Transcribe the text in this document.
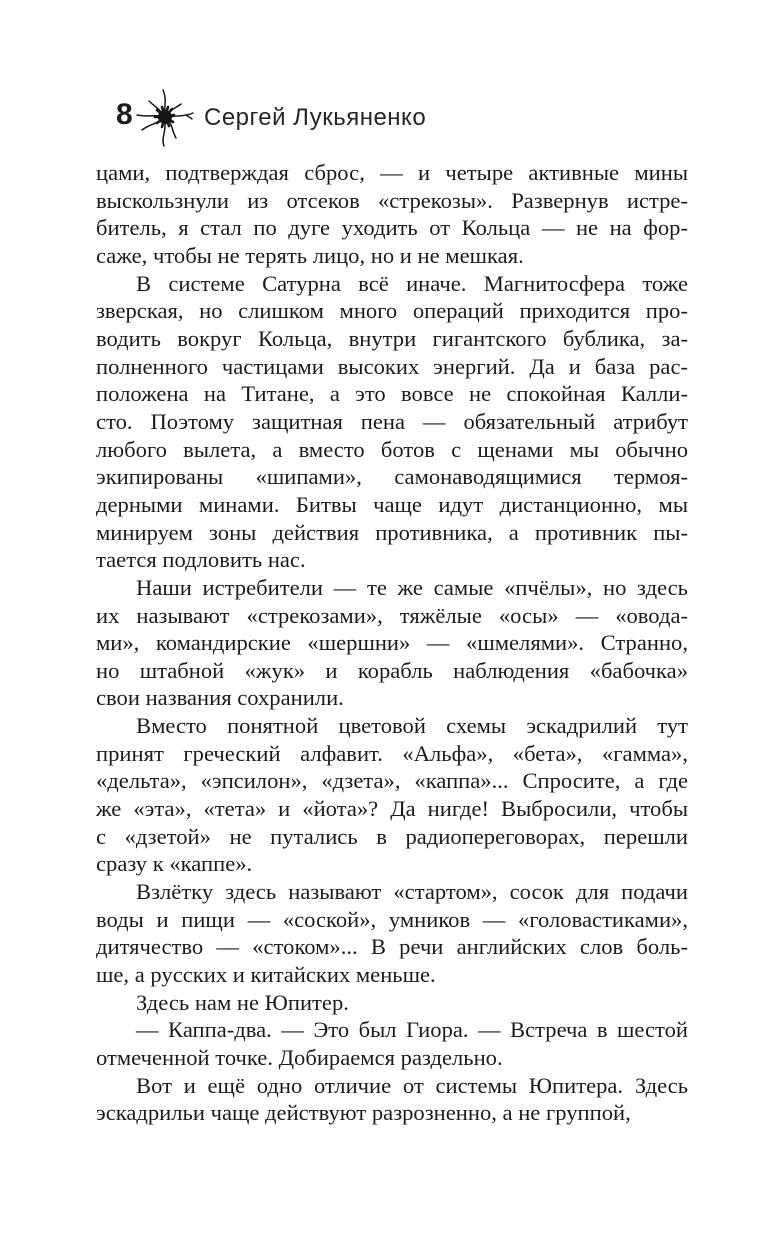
8	Сергей Лукьяненко

цами, подтверждая сброс, — и четыре активные мины
выскользнули из отсеков «стрекозы». Развернув истре-
битель, я стал по дуге уходить от Кольца — не на фор-
саже, чтобы не терять лицо, но и не мешкая.

В системе Сатурна всё иначе. Магнитосфера тоже
зверская, но слишком много операций приходится про-
водить вокруг Кольца, внутри гигантского бублика, за-
полненного частицами высоких энергий. Да и база рас-
положена на Титане, а это вовсе не спокойная Калли-
сто. Поэтому защитная пена — обязательный атрибут
любого вылета, а вместо ботов с щенами мы обычно
экипированы «шипами», самонаводящимися термоя-
дерными минами. Битвы чаще идут дистанционно, мы
минируем зоны действия противника, а противник пы-
тается подловить нас.

Наши истребители — те же самые «пчёлы», но здесь
их называют «стрекозами», тяжёлые «осы» — «овода-
ми», командирские «шершни» — «шмелями». Странно,
но штабной «жук» и корабль наблюдения «бабочка»
свои названия сохранили.

Вместо понятной цветовой схемы эскадрилий тут
принят греческий алфавит. «Альфа», «бета», «гамма»,
«дельта», «эпсилон», «дзета», «каппа»... Спросите, а где
же «эта», «тета» и «йота»? Да нигде! Выбросили, чтобы
с «дзетой» не путались в радиопереговорах, перешли
сразу к «каппе».

Взлётку здесь называют «стартом», сосок для подачи
воды и пищи — «соской», умников — «головастиками»,
дитячество — «стоком»... В речи английских слов боль-
ше, а русских и китайских меньше.

Здесь нам не Юпитер.

— Каппа-два. — Это был Гиора. — Встреча в шестой
отмеченной точке. Добираемся раздельно.

Вот и ещё одно отличие от системы Юпитера. Здесь
эскадрильи чаще действуют разрозненно, а не группой,
